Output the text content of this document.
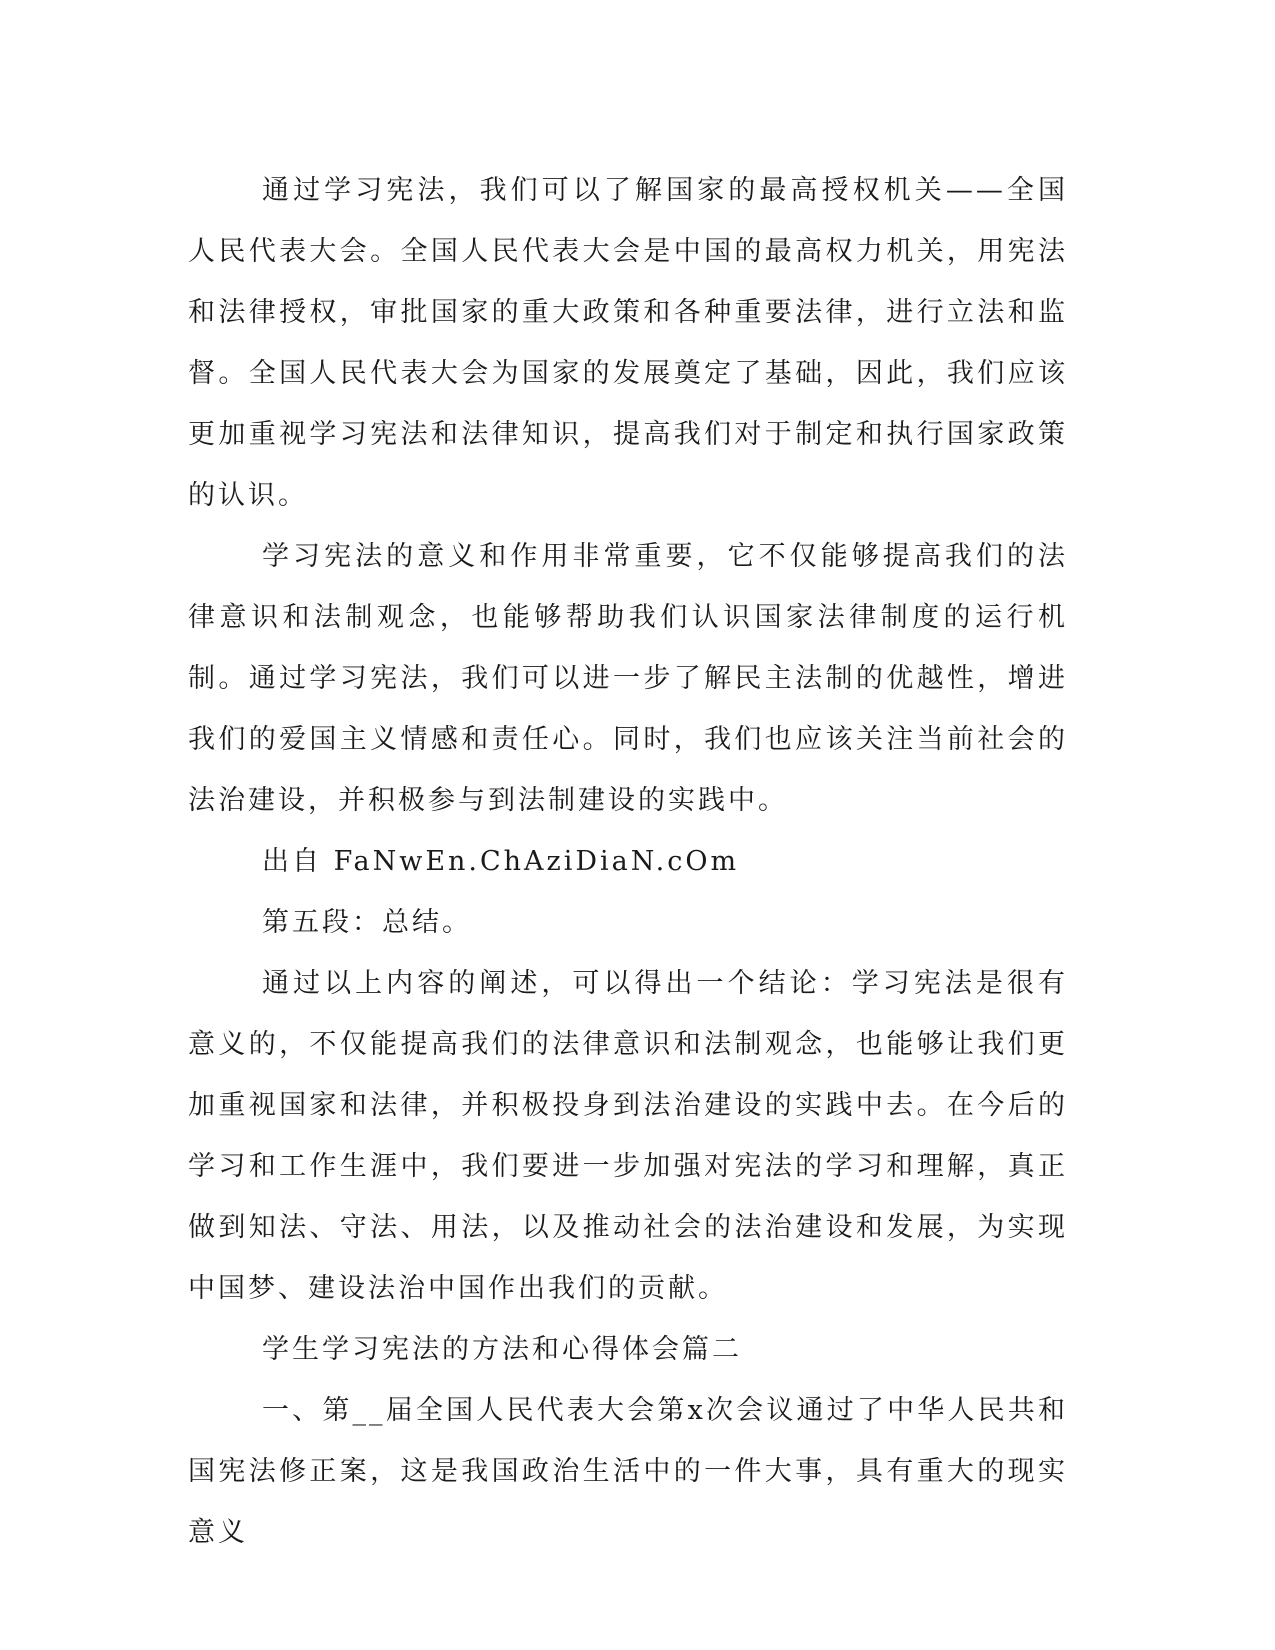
通过学习宪法，我们可以了解国家的最高授权机关——全国人民代表大会。全国人民代表大会是中国的最高权力机关，用宪法和法律授权，审批国家的重大政策和各种重要法律，进行立法和监督。全国人民代表大会为国家的发展奠定了基础，因此，我们应该更加重视学习宪法和法律知识，提高我们对于制定和执行国家政策的认识。

学习宪法的意义和作用非常重要，它不仅能够提高我们的法律意识和法制观念，也能够帮助我们认识国家法律制度的运行机制。通过学习宪法，我们可以进一步了解民主法制的优越性，增进我们的爱国主义情感和责任心。同时，我们也应该关注当前社会的法治建设，并积极参与到法制建设的实践中。

出自 FaNwEn.ChAziDiaN.cOm

第五段：总结。

通过以上内容的阐述，可以得出一个结论：学习宪法是很有意义的，不仅能提高我们的法律意识和法制观念，也能够让我们更加重视国家和法律，并积极投身到法治建设的实践中去。在今后的学习和工作生涯中，我们要进一步加强对宪法的学习和理解，真正做到知法、守法、用法，以及推动社会的法治建设和发展，为实现中国梦、建设法治中国作出我们的贡献。

学生学习宪法的方法和心得体会篇二

一、第__届全国人民代表大会第x次会议通过了中华人民共和国宪法修正案，这是我国政治生活中的一件大事，具有重大的现实意义
